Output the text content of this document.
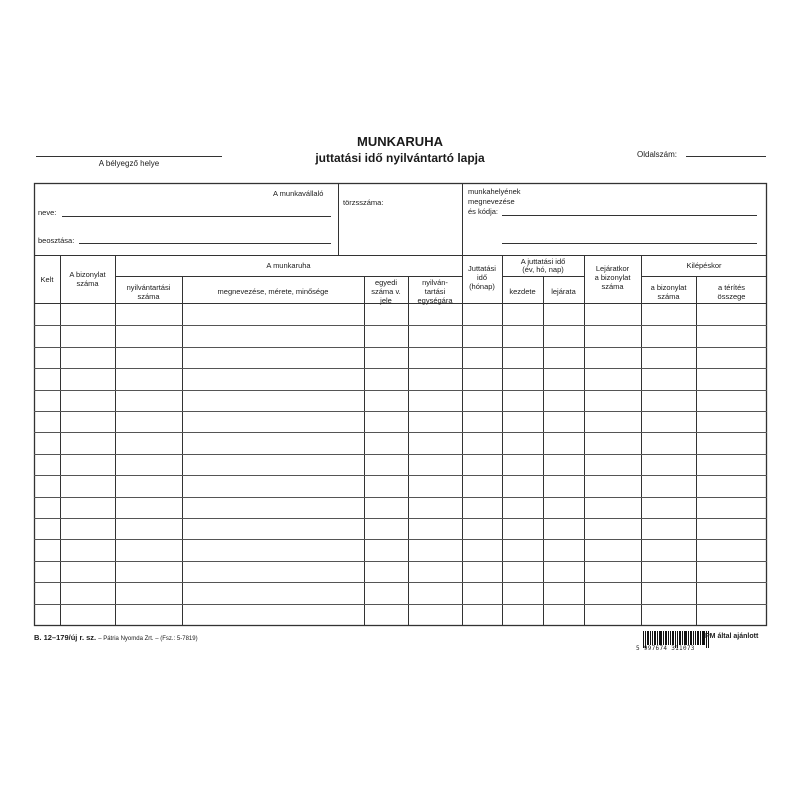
A bélyegző helye
MUNKARUHA
juttatási idő nyilvántartó lapja	Oldalszám:
A munkavállaló
neve:
törzsszáma:
beosztása:
munkahelyének
megnevezése
és kódja:
Kelt
A bizonylat
száma
A munkaruha
nyilvántartási
száma
megnevezése, mérete, minősége
egyedi
száma v.
jele
nyilván-
tartási
egységára
Juttatási
idő
(hónap)
A juttatási idő
(év, hó, nap)
kezdete	lejárata
Lejáratkor
a bizonylat
száma
Kilépéskor
a bizonylat
száma
a térítés
összege
B. 12–179/új r. sz. – Pátria Nyomda Zrt. – (Fsz.: 5-7819)
5 997674 311073
PM által ajánlott
